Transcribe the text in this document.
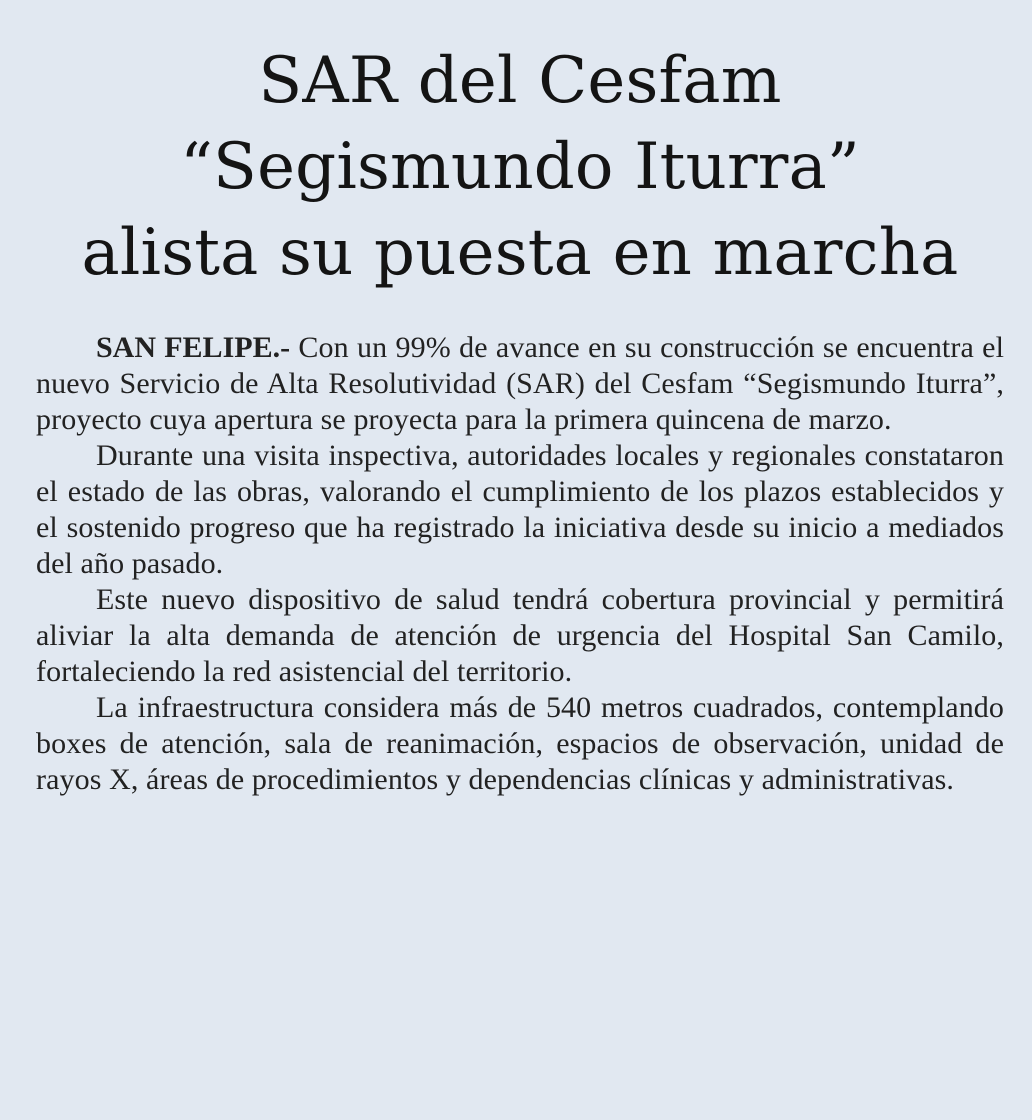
SAR del Cesfam
“Segismundo Iturra”
alista su puesta en marcha

SAN FELIPE.- Con un 99% de avance en su construcción se encuentra el nuevo Servicio de Alta Resolutividad (SAR) del Cesfam “Segismundo Iturra”, proyecto cuya apertura se proyecta para la primera quincena de marzo.

Durante una visita inspectiva, autoridades locales y regionales constataron el estado de las obras, valorando el cumplimiento de los plazos establecidos y el sostenido progreso que ha registrado la iniciativa desde su inicio a mediados del año pasado.

Este nuevo dispositivo de salud tendrá cobertura provincial y permitirá aliviar la alta demanda de atención de urgencia del Hospital San Camilo, fortaleciendo la red asistencial del territorio.

La infraestructura considera más de 540 metros cuadrados, contemplando boxes de atención, sala de reanimación, espacios de observación, unidad de rayos X, áreas de procedimientos y dependencias clínicas y administrativas.
